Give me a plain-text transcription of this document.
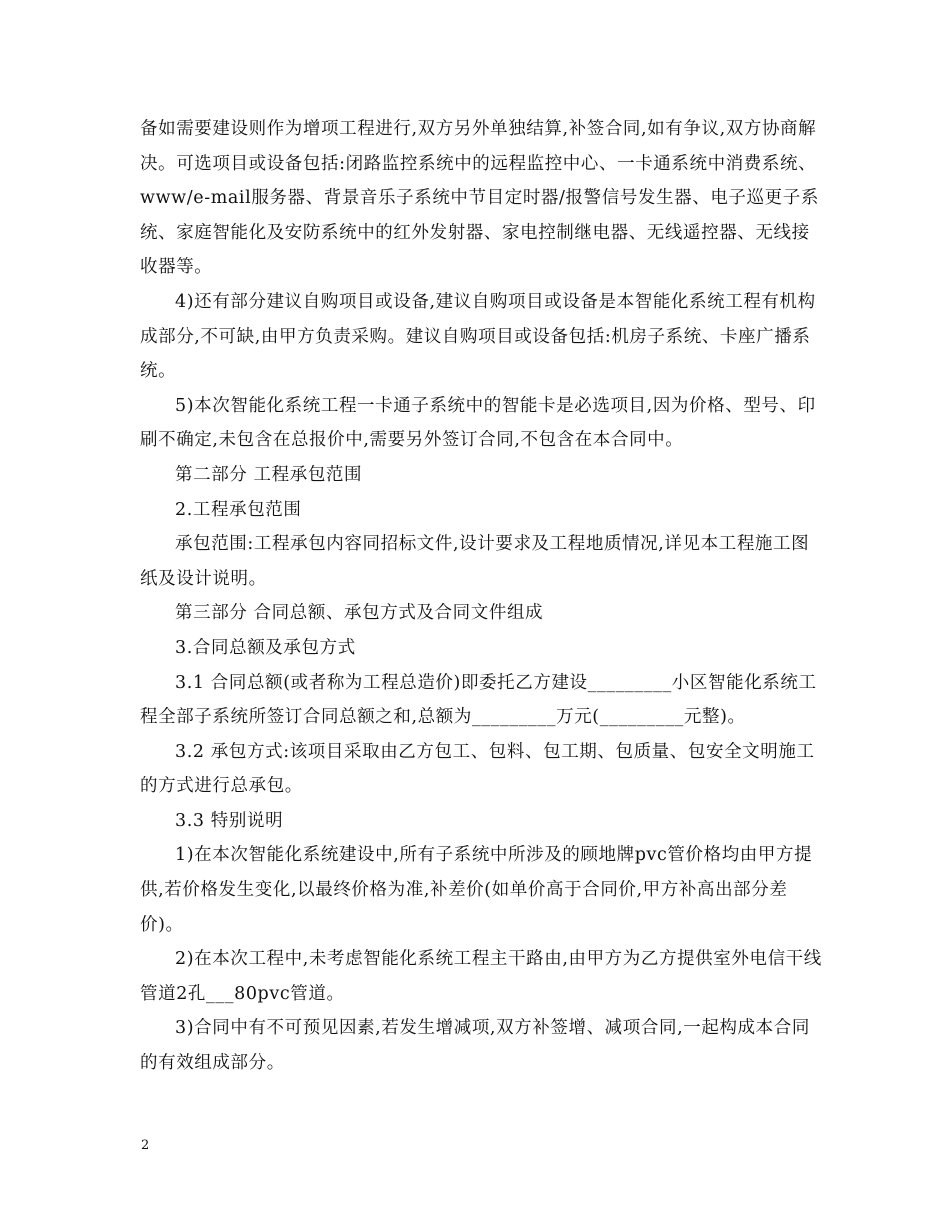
备如需要建设则作为增项工程进行,双方另外单独结算,补签合同,如有争议,双方协商解决。可选项目或设备包括:闭路监控系统中的远程监控中心、一卡通系统中消费系统、www/e-mail服务器、背景音乐子系统中节目定时器/报警信号发生器、电子巡更子系统、家庭智能化及安防系统中的红外发射器、家电控制继电器、无线遥控器、无线接收器等。

4)还有部分建议自购项目或设备,建议自购项目或设备是本智能化系统工程有机构成部分,不可缺,由甲方负责采购。建议自购项目或设备包括:机房子系统、卡座广播系统。

5)本次智能化系统工程一卡通子系统中的智能卡是必选项目,因为价格、型号、印刷不确定,未包含在总报价中,需要另外签订合同,不包含在本合同中。

第二部分 工程承包范围

2.工程承包范围

承包范围:工程承包内容同招标文件,设计要求及工程地质情况,详见本工程施工图纸及设计说明。

第三部分 合同总额、承包方式及合同文件组成

3.合同总额及承包方式

3.1 合同总额(或者称为工程总造价)即委托乙方建设_________小区智能化系统工程全部子系统所签订合同总额之和,总额为_________万元(_________元整)。

3.2 承包方式:该项目采取由乙方包工、包料、包工期、包质量、包安全文明施工的方式进行总承包。

3.3 特别说明

1)在本次智能化系统建设中,所有子系统中所涉及的顾地牌pvc管价格均由甲方提供,若价格发生变化,以最终价格为准,补差价(如单价高于合同价,甲方补高出部分差价)。

2)在本次工程中,未考虑智能化系统工程主干路由,由甲方为乙方提供室外电信干线管道2孔___80pvc管道。

3)合同中有不可预见因素,若发生增减项,双方补签增、减项合同,一起构成本合同的有效组成部分。

2
